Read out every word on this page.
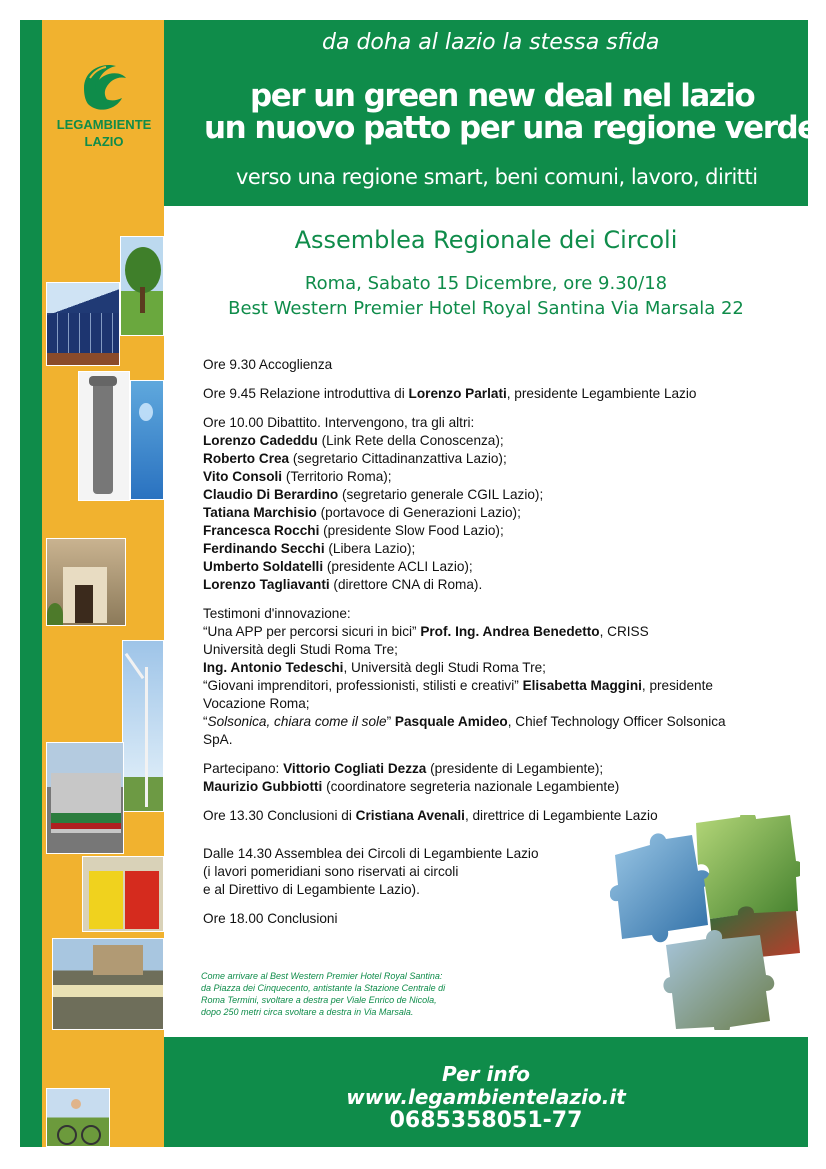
LEGAMBIENTE
LAZIO
da doha al lazio la stessa sfida
per un green new deal nel lazio
un nuovo patto per una regione verde
verso una regione smart, beni comuni, lavoro, diritti
Assemblea Regionale dei Circoli
Roma, Sabato 15 Dicembre, ore 9.30/18
Best Western Premier Hotel Royal Santina Via Marsala 22

Ore 9.30 Accoglienza

Ore 9.45 Relazione introduttiva di Lorenzo Parlati, presidente Legambiente Lazio

Ore 10.00 Dibattito. Intervengono, tra gli altri:
Lorenzo Cadeddu (Link Rete della Conoscenza);
Roberto Crea (segretario Cittadinanzattiva Lazio);
Vito Consoli (Territorio Roma);
Claudio Di Berardino (segretario generale CGIL Lazio);
Tatiana Marchisio (portavoce di Generazioni Lazio);
Francesca Rocchi (presidente Slow Food Lazio);
Ferdinando Secchi (Libera Lazio);
Umberto Soldatelli (presidente ACLI Lazio);
Lorenzo Tagliavanti (direttore CNA di Roma).
Testimoni d'innovazione:
“Una APP per percorsi sicuri in bici” Prof. Ing. Andrea Benedetto, CRISS
Università degli Studi Roma Tre;
Ing. Antonio Tedeschi, Università degli Studi Roma Tre;
“Giovani imprenditori, professionisti, stilisti e creativi” Elisabetta Maggini, presidente
Vocazione Roma;
“Solsonica, chiara come il sole” Pasquale Amideo, Chief Technology Officer Solsonica
SpA.
Partecipano: Vittorio Cogliati Dezza (presidente di Legambiente);
Maurizio Gubbiotti (coordinatore segreteria nazionale Legambiente)

Ore 13.30 Conclusioni di Cristiana Avenali, direttrice di Legambiente Lazio

Dalle 14.30 Assemblea dei Circoli di Legambiente Lazio
(i lavori pomeridiani sono riservati ai circoli
e al Direttivo di Legambiente Lazio).

Ore 18.00 Conclusioni

Come arrivare al Best Western Premier Hotel Royal Santina:
da Piazza dei Cinquecento, antistante la Stazione Centrale di
Roma Termini, svoltare a destra per Viale Enrico de Nicola,
dopo 250 metri circa svoltare a destra in Via Marsala.
Per info
www.legambientelazio.it
0685358051-77
